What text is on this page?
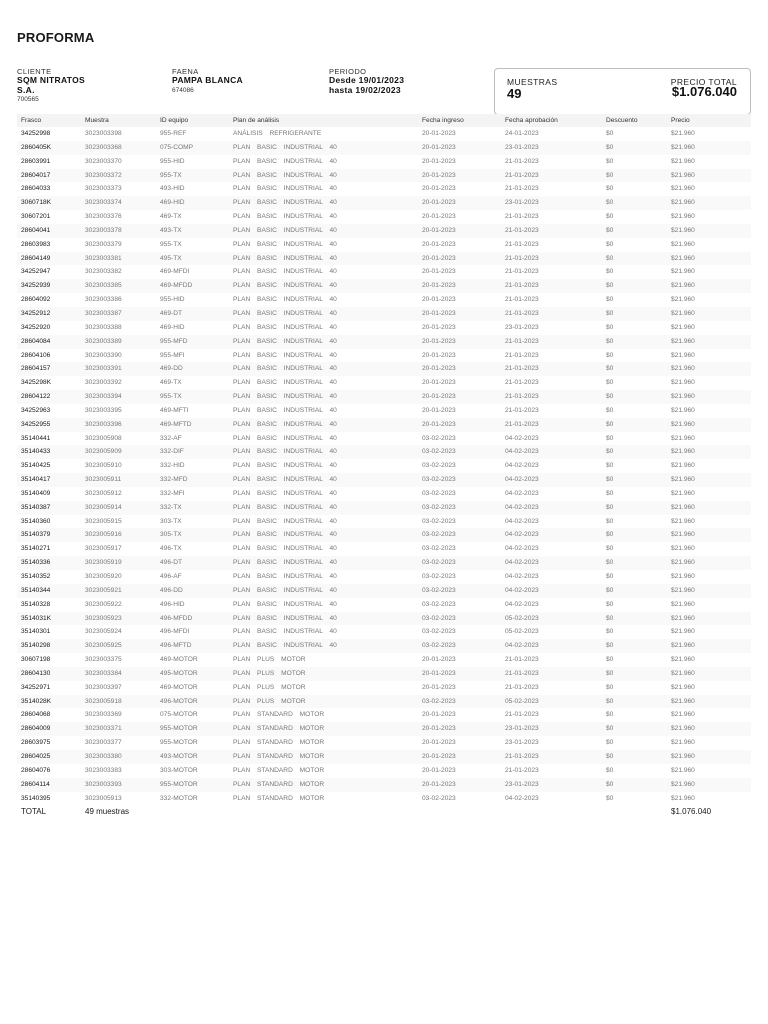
PROFORMA
CLIENTE
SQM NITRATOS
S.A.
700565
FAENA
PAMPA BLANCA
674086
PERIODO
Desde 19/01/2023
hasta 19/02/2023
MUESTRAS
49
PRECIO TOTAL
$1.076.040
Frasco	Muestra	ID equipo	Plan de análisis	Fecha ingreso	Fecha aprobación	Descuento	Precio
34252998	3023003398	955-REF	ANÁLISIS REFRIGERANTE	20-01-2023	24-01-2023	$0	$21.960
2860405K	3023003368	075-COMP	PLAN BASIC INDUSTRIAL 40	20-01-2023	23-01-2023	$0	$21.960
28603991	3023003370	955-HID	PLAN BASIC INDUSTRIAL 40	20-01-2023	21-01-2023	$0	$21.960
28604017	3023003372	955-TX	PLAN BASIC INDUSTRIAL 40	20-01-2023	21-01-2023	$0	$21.960
28604033	3023003373	493-HID	PLAN BASIC INDUSTRIAL 40	20-01-2023	21-01-2023	$0	$21.960
3060718K	3023003374	469-HID	PLAN BASIC INDUSTRIAL 40	20-01-2023	23-01-2023	$0	$21.960
30607201	3023003376	469-TX	PLAN BASIC INDUSTRIAL 40	20-01-2023	21-01-2023	$0	$21.960
28604041	3023003378	493-TX	PLAN BASIC INDUSTRIAL 40	20-01-2023	21-01-2023	$0	$21.960
28603983	3023003379	955-TX	PLAN BASIC INDUSTRIAL 40	20-01-2023	21-01-2023	$0	$21.960
28604149	3023003381	495-TX	PLAN BASIC INDUSTRIAL 40	20-01-2023	21-01-2023	$0	$21.960
34252947	3023003382	469-MFDI	PLAN BASIC INDUSTRIAL 40	20-01-2023	21-01-2023	$0	$21.960
34252939	3023003385	469-MFDD	PLAN BASIC INDUSTRIAL 40	20-01-2023	21-01-2023	$0	$21.960
28604092	3023003386	955-HID	PLAN BASIC INDUSTRIAL 40	20-01-2023	21-01-2023	$0	$21.960
34252912	3023003387	469-DT	PLAN BASIC INDUSTRIAL 40	20-01-2023	21-01-2023	$0	$21.960
34252920	3023003388	469-HID	PLAN BASIC INDUSTRIAL 40	20-01-2023	23-01-2023	$0	$21.960
28604084	3023003389	955-MFD	PLAN BASIC INDUSTRIAL 40	20-01-2023	21-01-2023	$0	$21.960
28604106	3023003390	955-MFI	PLAN BASIC INDUSTRIAL 40	20-01-2023	21-01-2023	$0	$21.960
28604157	3023003391	469-DD	PLAN BASIC INDUSTRIAL 40	20-01-2023	21-01-2023	$0	$21.960
3425298K	3023003392	469-TX	PLAN BASIC INDUSTRIAL 40	20-01-2023	21-01-2023	$0	$21.960
28604122	3023003394	955-TX	PLAN BASIC INDUSTRIAL 40	20-01-2023	21-01-2023	$0	$21.960
34252963	3023003395	469-MFTI	PLAN BASIC INDUSTRIAL 40	20-01-2023	21-01-2023	$0	$21.960
34252955	3023003396	469-MFTD	PLAN BASIC INDUSTRIAL 40	20-01-2023	21-01-2023	$0	$21.960
35140441	3023005908	332-AF	PLAN BASIC INDUSTRIAL 40	03-02-2023	04-02-2023	$0	$21.960
35140433	3023005909	332-DIF	PLAN BASIC INDUSTRIAL 40	03-02-2023	04-02-2023	$0	$21.960
35140425	3023005910	332-HID	PLAN BASIC INDUSTRIAL 40	03-02-2023	04-02-2023	$0	$21.960
35140417	3023005911	332-MFD	PLAN BASIC INDUSTRIAL 40	03-02-2023	04-02-2023	$0	$21.960
35140409	3023005912	332-MFI	PLAN BASIC INDUSTRIAL 40	03-02-2023	04-02-2023	$0	$21.960
35140387	3023005914	332-TX	PLAN BASIC INDUSTRIAL 40	03-02-2023	04-02-2023	$0	$21.960
35140360	3023005915	303-TX	PLAN BASIC INDUSTRIAL 40	03-02-2023	04-02-2023	$0	$21.960
35140379	3023005916	305-TX	PLAN BASIC INDUSTRIAL 40	03-02-2023	04-02-2023	$0	$21.960
35140271	3023005917	496-TX	PLAN BASIC INDUSTRIAL 40	03-02-2023	04-02-2023	$0	$21.960
35140336	3023005919	496-DT	PLAN BASIC INDUSTRIAL 40	03-02-2023	04-02-2023	$0	$21.960
35140352	3023005920	496-AF	PLAN BASIC INDUSTRIAL 40	03-02-2023	04-02-2023	$0	$21.960
35140344	3023005921	496-DD	PLAN BASIC INDUSTRIAL 40	03-02-2023	04-02-2023	$0	$21.960
35140328	3023005922	496-HID	PLAN BASIC INDUSTRIAL 40	03-02-2023	04-02-2023	$0	$21.960
3514031K	3023005923	496-MFDD	PLAN BASIC INDUSTRIAL 40	03-02-2023	05-02-2023	$0	$21.960
35140301	3023005924	496-MFDI	PLAN BASIC INDUSTRIAL 40	03-02-2023	05-02-2023	$0	$21.960
35140298	3023005925	496-MFTD	PLAN BASIC INDUSTRIAL 40	03-02-2023	04-02-2023	$0	$21.960
30607198	3023003375	469-MOTOR	PLAN PLUS MOTOR	20-01-2023	21-01-2023	$0	$21.960
28604130	3023003384	495-MOTOR	PLAN PLUS MOTOR	20-01-2023	21-01-2023	$0	$21.960
34252971	3023003397	469-MOTOR	PLAN PLUS MOTOR	20-01-2023	21-01-2023	$0	$21.960
3514028K	3023005918	496-MOTOR	PLAN PLUS MOTOR	03-02-2023	05-02-2023	$0	$21.960
28604068	3023003369	075-MOTOR	PLAN STANDARD MOTOR	20-01-2023	21-01-2023	$0	$21.960
28604009	3023003371	955-MOTOR	PLAN STANDARD MOTOR	20-01-2023	23-01-2023	$0	$21.960
28603975	3023003377	955-MOTOR	PLAN STANDARD MOTOR	20-01-2023	23-01-2023	$0	$21.960
28604025	3023003380	493-MOTOR	PLAN STANDARD MOTOR	20-01-2023	21-01-2023	$0	$21.960
28604076	3023003383	303-MOTOR	PLAN STANDARD MOTOR	20-01-2023	21-01-2023	$0	$21.960
28604114	3023003393	955-MOTOR	PLAN STANDARD MOTOR	20-01-2023	23-01-2023	$0	$21.960
35140395	3023005913	332-MOTOR	PLAN STANDARD MOTOR	03-02-2023	04-02-2023	$0	$21.960
TOTAL	49 muestras	$1.076.040
